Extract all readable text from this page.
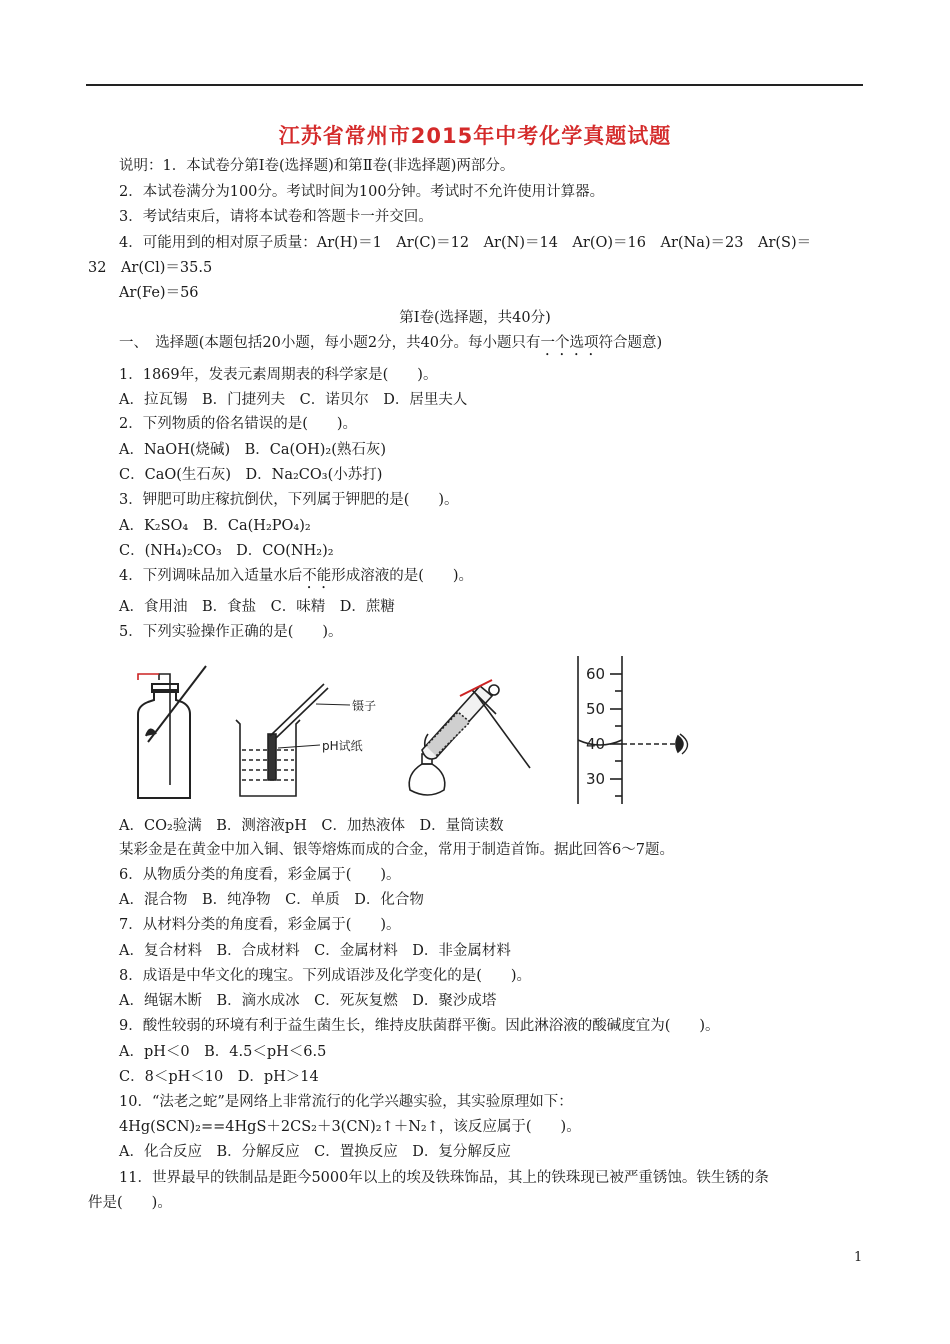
江苏省常州市2015年中考化学真题试题
说明：1．本试卷分第Ⅰ卷(选择题)和第Ⅱ卷(非选择题)两部分。
2．本试卷满分为100分。考试时间为100分钟。考试时不允许使用计算器。
3．考试结束后，请将本试卷和答题卡一并交回。
4．可能用到的相对原子质量：Ar(H)＝1　Ar(C)＝12　Ar(N)＝14　Ar(O)＝16　Ar(Na)＝23　Ar(S)＝
32　Ar(Cl)＝35.5
Ar(Fe)＝56
第Ⅰ卷(选择题，共40分)
一、　选择题(本题包括20小题，每小题2分，共40分。每小题只有一个选项符合题意)
1．1869年，发表元素周期表的科学家是(　　)。
A．拉瓦锡　B．门捷列夫　C．诺贝尔　D．居里夫人
2．下列物质的俗名错误的是(　　)。
A．NaOH(烧碱)　B．Ca(OH)₂(熟石灰)
C．CaO(生石灰)　D．Na₂CO₃(小苏打)
3．钾肥可助庄稼抗倒伏，下列属于钾肥的是(　　)。
A．K₂SO₄　B．Ca(H₂PO₄)₂
C．(NH₄)₂CO₃　D．CO(NH₂)₂
4．下列调味品加入适量水后不能形成溶液的是(　　)。
A．食用油　B．食盐　C．味精　D．蔗糖
5．下列实验操作正确的是(　　)。
镊子
pH试纸
60
50
40
30
A．CO₂验满　B．测溶液pH　C．加热液体　D．量筒读数
某彩金是在黄金中加入铜、银等熔炼而成的合金，常用于制造首饰。据此回答6～7题。
6．从物质分类的角度看，彩金属于(　　)。
A．混合物　B．纯净物　C．单质　D．化合物
7．从材料分类的角度看，彩金属于(　　)。
A．复合材料　B．合成材料　C．金属材料　D．非金属材料
8．成语是中华文化的瑰宝。下列成语涉及化学变化的是(　　)。
A．绳锯木断　B．滴水成冰　C．死灰复燃　D．聚沙成塔
9．酸性较弱的环境有利于益生菌生长，维持皮肤菌群平衡。因此淋浴液的酸碱度宜为(　　)。
A．pH＜0　B．4.5＜pH＜6.5
C．8＜pH＜10　D．pH＞14
10．“法老之蛇”是网络上非常流行的化学兴趣实验，其实验原理如下：
4Hg(SCN)₂==4HgS＋2CS₂＋3(CN)₂↑＋N₂↑，该反应属于(　　)。
A．化合反应　B．分解反应　C．置换反应　D．复分解反应
11．世界最早的铁制品是距今5000年以上的埃及铁珠饰品，其上的铁珠现已被严重锈蚀。铁生锈的条
件是(　　)。
1
